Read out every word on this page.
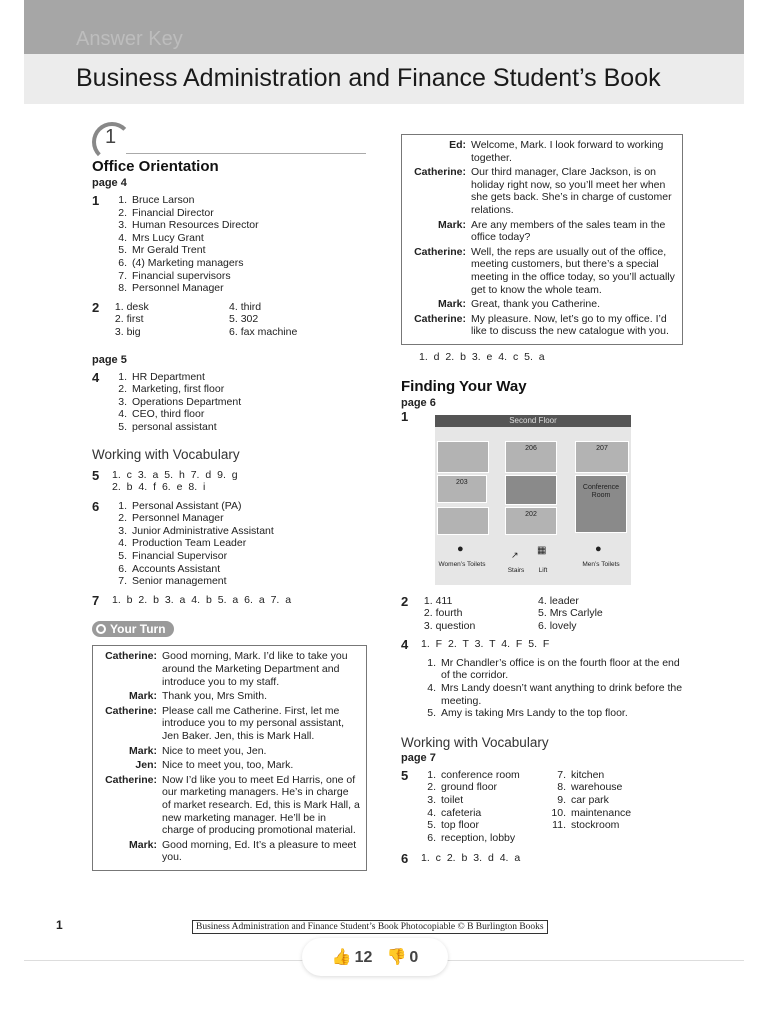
Answer Key
Business Administration and Finance Student’s Book
1
Office Orientation
page 4
1	1. Bruce Larson
2. Financial Director
3. Human Resources Director
4. Mrs Lucy Grant
5. Mr Gerald Trent
6. (4) Marketing managers
7. Financial supervisors
8. Personnel Manager
2	1. desk	4. third
2. first	5. 302
3. big	6. fax machine
page 5
4	1. HR Department
2. Marketing, first floor
3. Operations Department
4. CEO, third floor
5. personal assistant
Working with Vocabulary
5	1. c 3. a 5. h 7. d 9. g
2. b 4. f 6. e 8. i
6	1. Personal Assistant (PA)
2. Personnel Manager
3. Junior Administrative Assistant
4. Production Team Leader
5. Financial Supervisor
6. Accounts Assistant
7. Senior management
7	1. b 2. b 3. a 4. b 5. a 6. a 7. a
Your Turn
Catherine: Good morning, Mark. I’d like to take you around the Marketing Department and introduce you to my staff.
Mark: Thank you, Mrs Smith.
Catherine: Please call me Catherine. First, let me introduce you to my personal assistant, Jen Baker. Jen, this is Mark Hall.
Mark: Nice to meet you, Jen.
Jen: Nice to meet you, too, Mark.
Catherine: Now I’d like you to meet Ed Harris, one of our marketing managers. He’s in charge of market research. Ed, this is Mark Hall, a new marketing manager. He’ll be in charge of producing promotional material.
Mark: Good morning, Ed. It’s a pleasure to meet you.
Ed: Welcome, Mark. I look forward to working together.
Catherine: Our third manager, Clare Jackson, is on holiday right now, so you’ll meet her when she gets back. She’s in charge of customer relations.
Mark: Are any members of the sales team in the office today?
Catherine: Well, the reps are usually out of the office, meeting customers, but there’s a special meeting in the office today, so you’ll actually get to know the whole team.
Mark: Great, thank you Catherine.
Catherine: My pleasure. Now, let’s go to my office. I’d like to discuss the new catalogue with you.
1. d 2. b 3. e 4. c 5. a
Finding Your Way
page 6
1	Second Floor
203
206
202
207
Conference Room
●	●
↗ ▦
Women’s Toilets
Stairs	Lift
Men’s Toilets
2	1. 411	4. leader
2. fourth	5. Mrs Carlyle
3. question	6. lovely
4	1. F 2. T 3. T 4. F 5. F
1. Mr Chandler’s office is on the fourth floor at the end of the corridor.
4. Mrs Landy doesn’t want anything to drink before the meeting.
5. Amy is taking Mrs Landy to the top floor.
Working with Vocabulary
page 7
5	1. conference room
2. ground floor
3. toilet
4. cafeteria
5. top floor
6. reception, lobby
7. kitchen
8. warehouse
9. car park
10. maintenance
11. stockroom
6	1. c 2. b 3. d 4. a
1	Business Administration and Finance Student’s Book Photocopiable © B Burlington Books
👍 12 👎 0
